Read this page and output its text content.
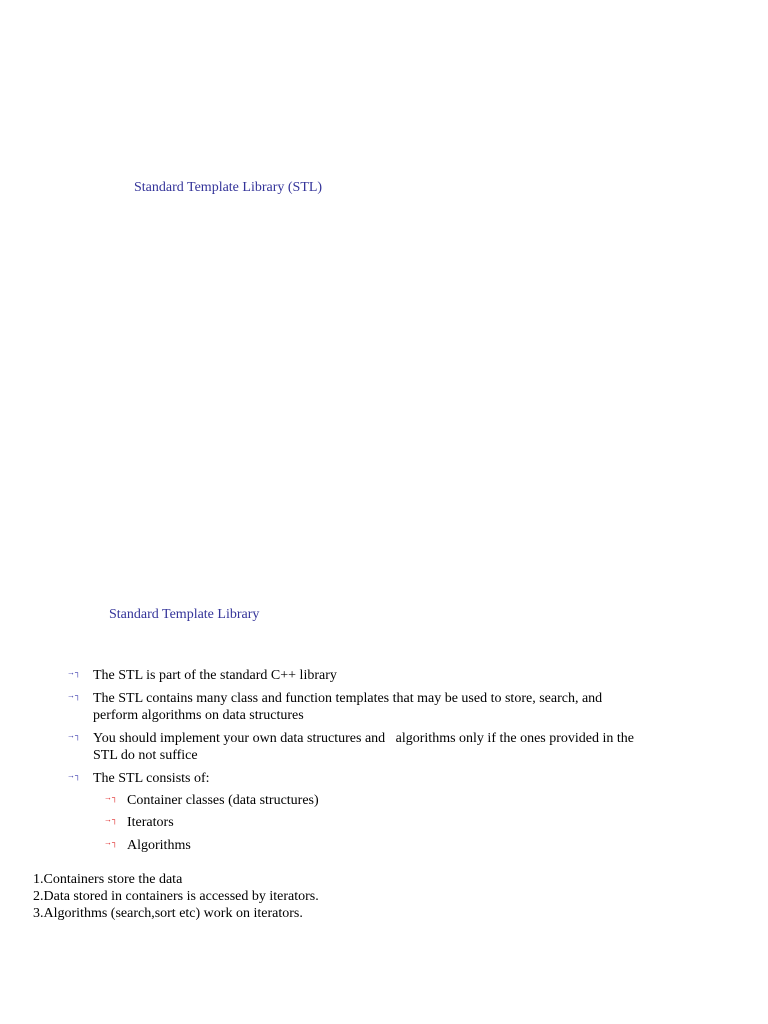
Standard Template Library (STL)
Standard Template Library
→┐ The STL is part of the standard C++ library
→┐ The STL contains many class and function templates that may be used to store, search, and
perform algorithms on data structures
→┐ You should implement your own data structures and   algorithms only if the ones provided in the
STL do not suffice
→┐ The STL consists of:
→┐ Container classes (data structures)
→┐ Iterators
→┐ Algorithms
1.Containers store the data
2.Data stored in containers is accessed by iterators.
3.Algorithms (search,sort etc) work on iterators.
